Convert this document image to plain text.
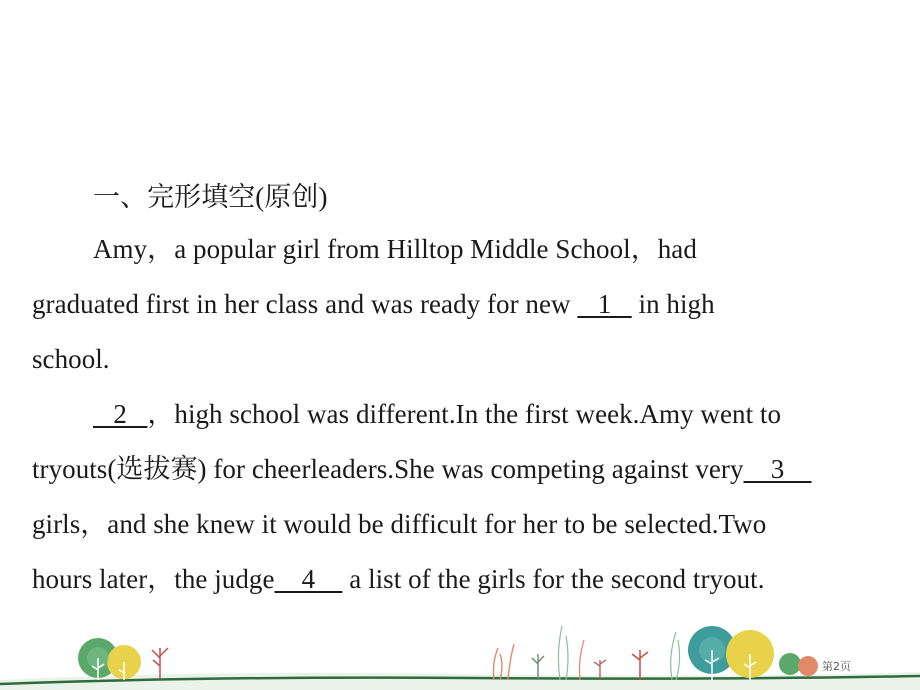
一、完形填空(原创)
Amy，a popular girl from Hilltop Middle School，had
graduated first in her class and was ready for new    1    in high
school.
2   ，high school was different.In the first week.Amy went to
tryouts(选拔赛) for cheerleaders.She was competing against very    3
girls，and she knew it would be difficult for her to be selected.Two
hours later，the judge    4     a list of the girls for the second tryout.
第2页
